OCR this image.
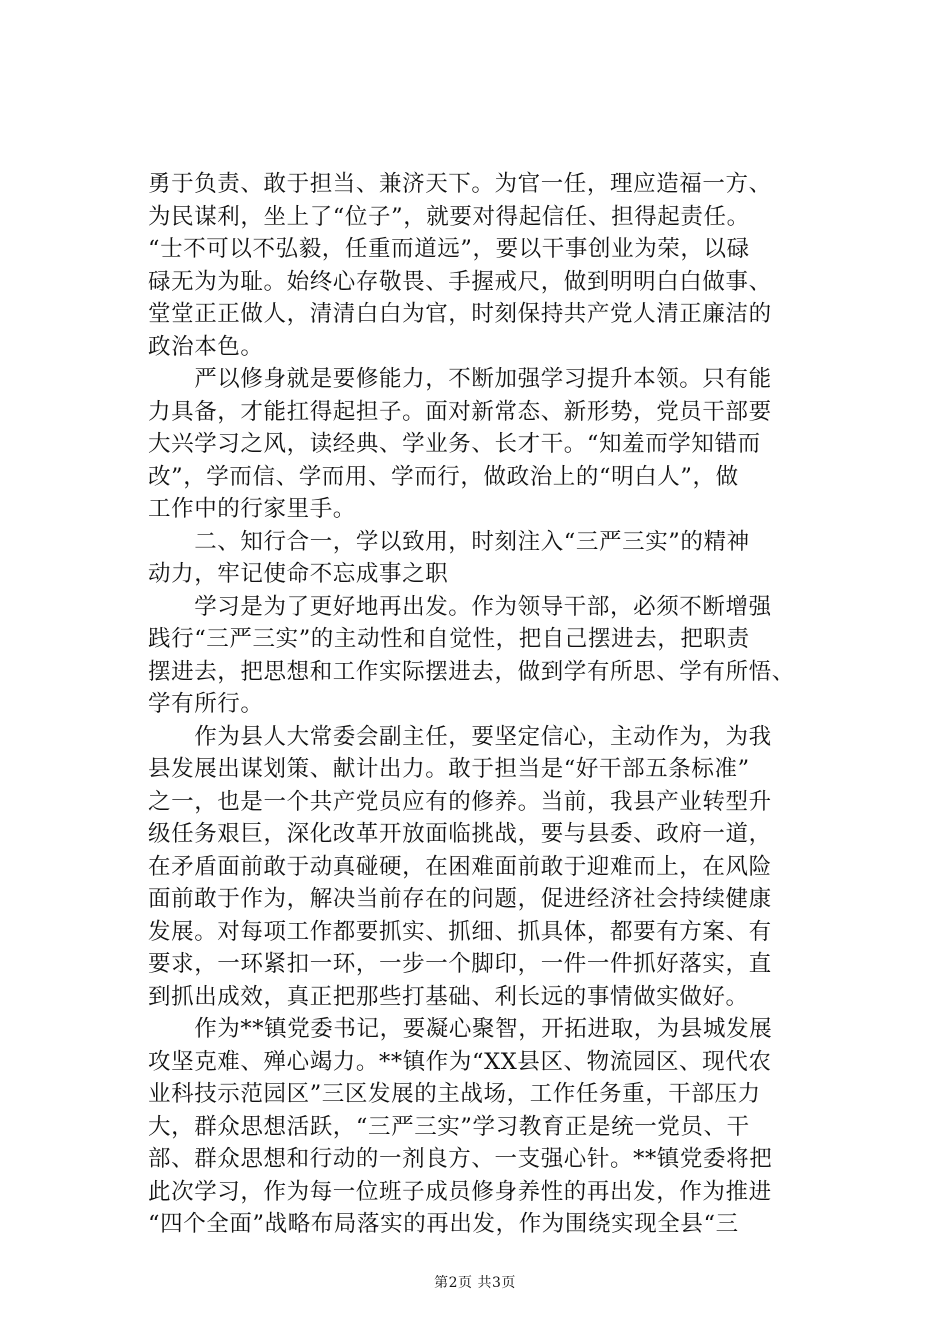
勇于负责、敢于担当、兼济天下。为官一任，理应造福一方、
为民谋利，坐上了“位子”，就要对得起信任、担得起责任。
“士不可以不弘毅，任重而道远”，要以干事创业为荣，以碌
碌无为为耻。始终心存敬畏、手握戒尺，做到明明白白做事、
堂堂正正做人，清清白白为官，时刻保持共产党人清正廉洁的
政治本色。
　　严以修身就是要修能力，不断加强学习提升本领。只有能
力具备，才能扛得起担子。面对新常态、新形势，党员干部要
大兴学习之风，读经典、学业务、长才干。“知羞而学知错而
改”，学而信、学而用、学而行，做政治上的“明白人”，做
工作中的行家里手。
　　二、知行合一，学以致用，时刻注入“三严三实”的精神
动力，牢记使命不忘成事之职
　　学习是为了更好地再出发。作为领导干部，必须不断增强
践行“三严三实”的主动性和自觉性，把自己摆进去，把职责
摆进去，把思想和工作实际摆进去，做到学有所思、学有所悟、
学有所行。
　　作为县人大常委会副主任，要坚定信心，主动作为，为我
县发展出谋划策、献计出力。敢于担当是“好干部五条标准”
之一，也是一个共产党员应有的修养。当前，我县产业转型升
级任务艰巨，深化改革开放面临挑战，要与县委、政府一道，
在矛盾面前敢于动真碰硬，在困难面前敢于迎难而上，在风险
面前敢于作为，解决当前存在的问题，促进经济社会持续健康
发展。对每项工作都要抓实、抓细、抓具体，都要有方案、有
要求，一环紧扣一环，一步一个脚印，一件一件抓好落实，直
到抓出成效，真正把那些打基础、利长远的事情做实做好。
　　作为**镇党委书记，要凝心聚智，开拓进取，为县城发展
攻坚克难、殚心竭力。**镇作为“XX县区、物流园区、现代农
业科技示范园区”三区发展的主战场，工作任务重，干部压力
大，群众思想活跃，“三严三实”学习教育正是统一党员、干
部、群众思想和行动的一剂良方、一支强心针。**镇党委将把
此次学习，作为每一位班子成员修身养性的再出发，作为推进
“四个全面”战略布局落实的再出发，作为围绕实现全县“三
第2页 共3页
